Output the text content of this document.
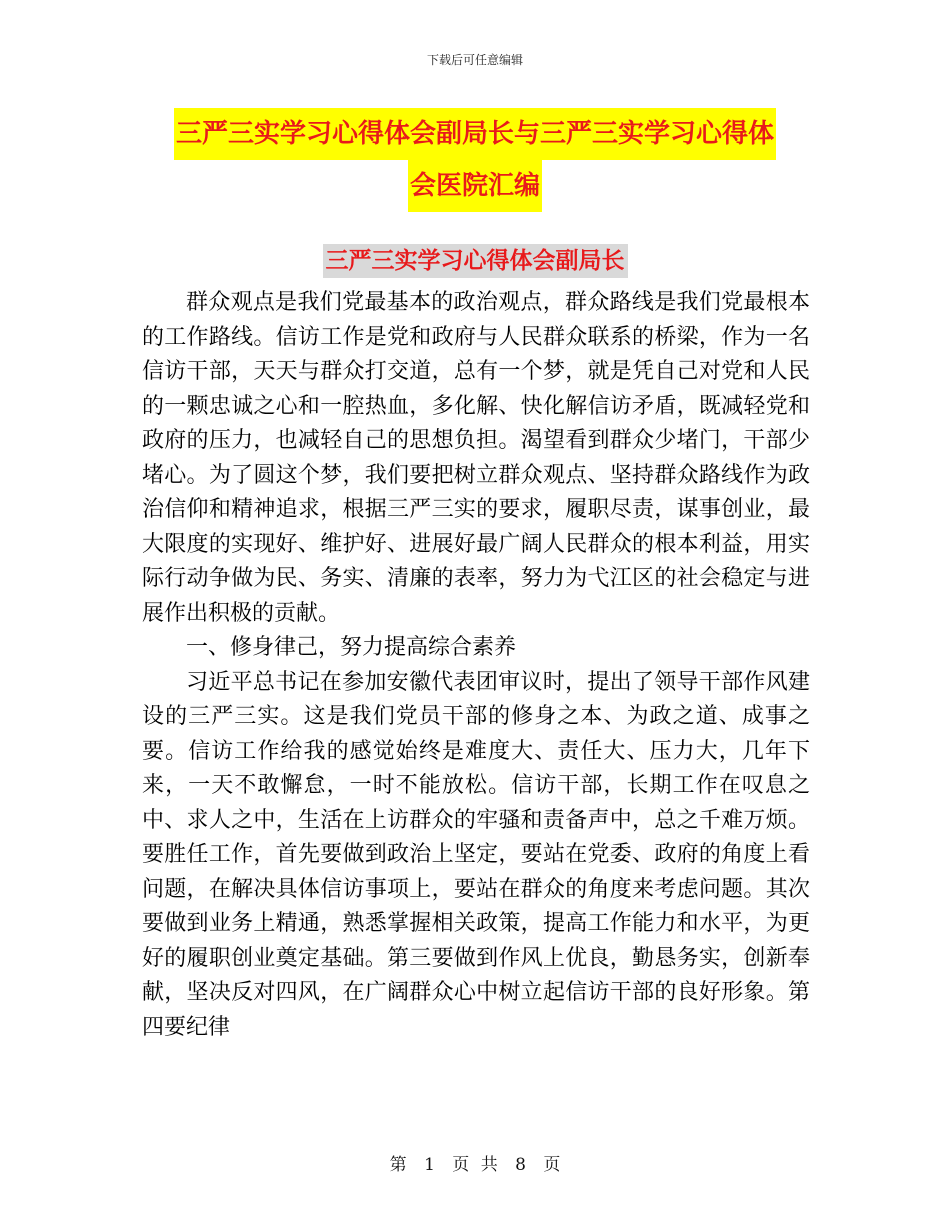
下载后可任意编辑
三严三实学习心得体会副局长与三严三实学习心得体
会医院汇编
三严三实学习心得体会副局长

群众观点是我们党最基本的政治观点，群众路线是我们党最根本的工作路线。信访工作是党和政府与人民群众联系的桥梁，作为一名信访干部，天天与群众打交道，总有一个梦，就是凭自己对党和人民的一颗忠诚之心和一腔热血，多化解、快化解信访矛盾，既减轻党和政府的压力，也减轻自己的思想负担。渴望看到群众少堵门，干部少堵心。为了圆这个梦，我们要把树立群众观点、坚持群众路线作为政治信仰和精神追求，根据三严三实的要求，履职尽责，谋事创业，最大限度的实现好、维护好、进展好最广阔人民群众的根本利益，用实际行动争做为民、务实、清廉的表率，努力为弋江区的社会稳定与进展作出积极的贡献。

一、修身律己，努力提高综合素养

习近平总书记在参加安徽代表团审议时，提出了领导干部作风建设的三严三实。这是我们党员干部的修身之本、为政之道、成事之要。信访工作给我的感觉始终是难度大、责任大、压力大，几年下来，一天不敢懈怠，一时不能放松。信访干部，长期工作在叹息之中、求人之中，生活在上访群众的牢骚和责备声中，总之千难万烦。要胜任工作，首先要做到政治上坚定，要站在党委、政府的角度上看问题，在解决具体信访事项上，要站在群众的角度来考虑问题。其次要做到业务上精通，熟悉掌握相关政策，提高工作能力和水平，为更好的履职创业奠定基础。第三要做到作风上优良，勤恳务实，创新奉献，坚决反对四风，在广阔群众心中树立起信访干部的良好形象。第四要纪律

第 1 页 共 8 页
